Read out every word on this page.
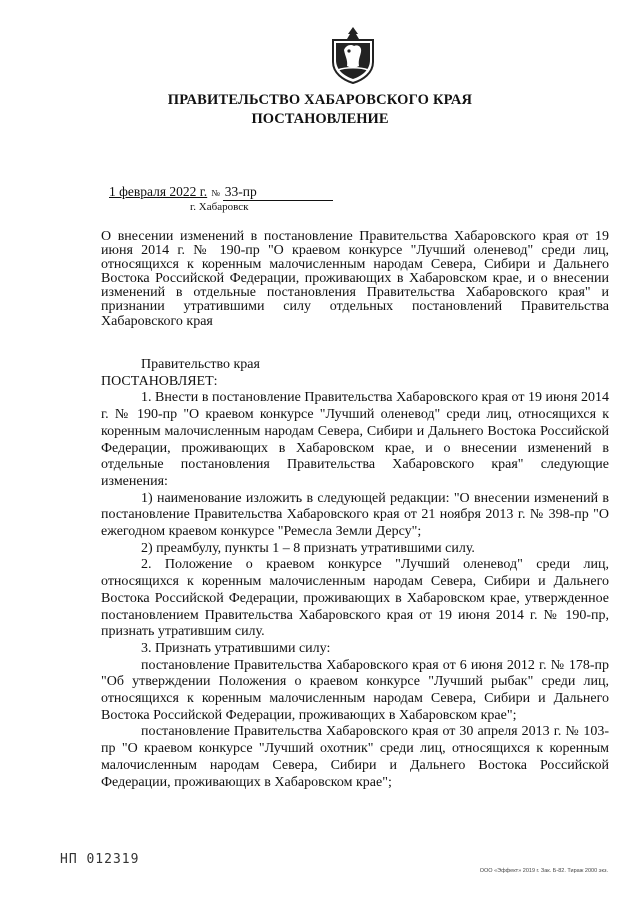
ПРАВИТЕЛЬСТВО ХАБАРОВСКОГО КРАЯ
ПОСТАНОВЛЕНИЕ
1 февраля 2022 г. № 33-пр
г. Хабаровск
О внесении изменений в постановление Правительства Хабаровского края от 19 июня 2014 г. № 190-пр "О краевом конкурсе "Лучший оленевод" среди лиц, относящихся к коренным малочисленным народам Севера, Сибири и Дальнего Востока Российской Федерации, проживающих в Хабаровском крае, и о внесении изменений в отдельные постановления Правительства Хабаровского края" и признании утратившими силу отдельных постановлений Правительства Хабаровского края

Правительство края

ПОСТАНОВЛЯЕТ:

1. Внести в постановление Правительства Хабаровского края от 19 июня 2014 г. № 190-пр "О краевом конкурсе "Лучший оленевод" среди лиц, относящихся к коренным малочисленным народам Севера, Сибири и Дальнего Востока Российской Федерации, проживающих в Хабаровском крае, и о внесении изменений в отдельные постановления Правительства Хабаровского края" следующие изменения:

1) наименование изложить в следующей редакции: "О внесении изменений в постановление Правительства Хабаровского края от 21 ноября 2013 г. № 398-пр "О ежегодном краевом конкурсе "Ремесла Земли Дерсу";

2) преамбулу, пункты 1 – 8 признать утратившими силу.

2. Положение о краевом конкурсе "Лучший оленевод" среди лиц, относящихся к коренным малочисленным народам Севера, Сибири и Дальнего Востока Российской Федерации, проживающих в Хабаровском крае, утвержденное постановлением Правительства Хабаровского края от 19 июня 2014 г. № 190-пр, признать утратившим силу.

3. Признать утратившими силу:

постановление Правительства Хабаровского края от 6 июня 2012 г. № 178-пр "Об утверждении Положения о краевом конкурсе "Лучший рыбак" среди лиц, относящихся к коренным малочисленным народам Севера, Сибири и Дальнего Востока Российской Федерации, проживающих в Хабаровском крае";

постановление Правительства Хабаровского края от 30 апреля 2013 г. № 103-пр "О краевом конкурсе "Лучший охотник" среди лиц, относящихся к коренным малочисленным народам Севера, Сибири и Дальнего Востока Российской Федерации, проживающих в Хабаровском крае";

НП 012319
ООО «Эффект» 2019 г. Зак. Б-82. Тираж 2000 экз.
